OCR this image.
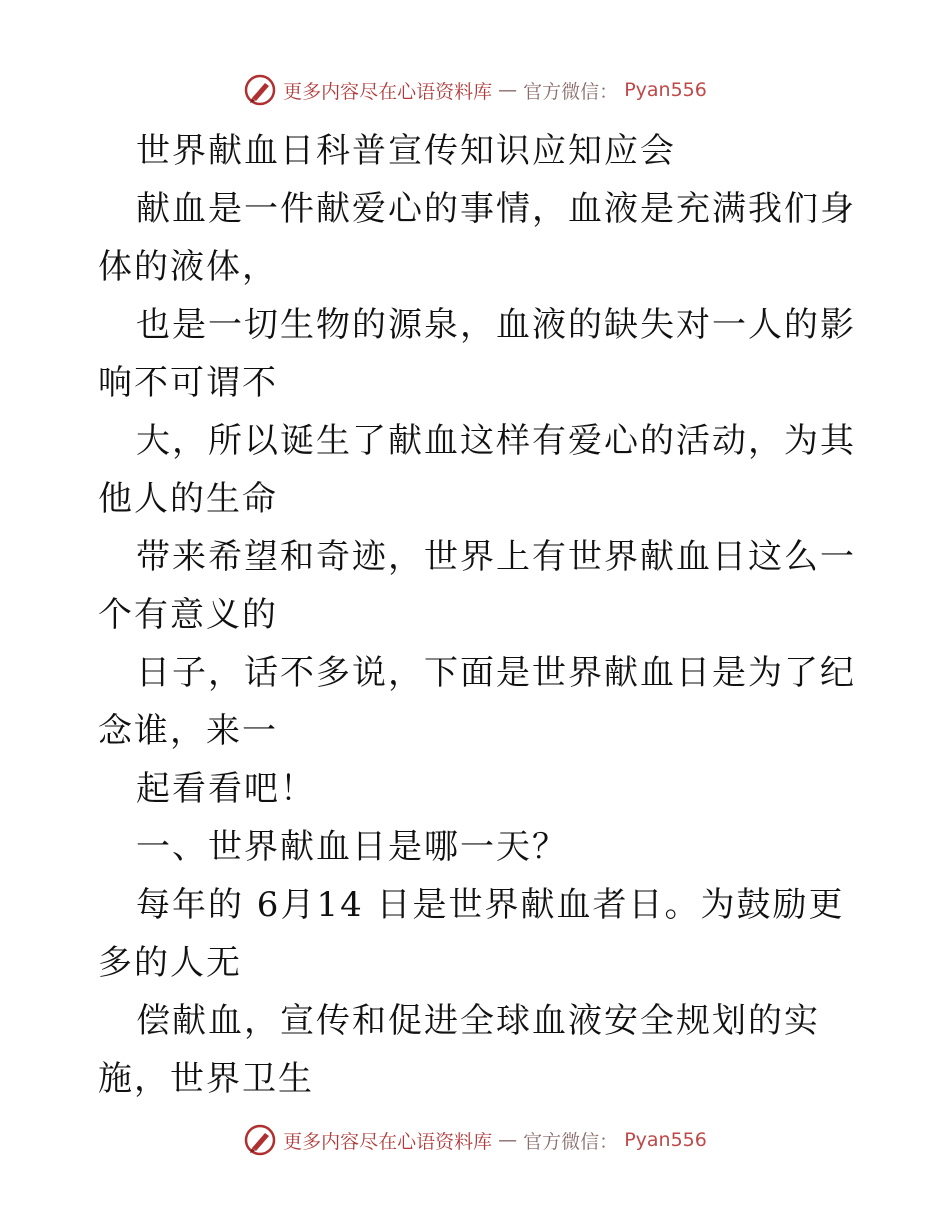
更多内容尽在心语资料库 — 官方微信： Pyan556

世界献血日科普宣传知识应知应会

献血是一件献爱心的事情，血液是充满我们身体的液体，

也是一切生物的源泉，血液的缺失对一人的影响不可谓不

大，所以诞生了献血这样有爱心的活动，为其他人的生命

带来希望和奇迹，世界上有世界献血日这么一个有意义的

日子，话不多说，下面是世界献血日是为了纪念谁，来一

起看看吧！

一、世界献血日是哪一天？

每年的 6月14 日是世界献血者日。为鼓励更多的人无

偿献血，宣传和促进全球血液安全规划的实施，世界卫生

更多内容尽在心语资料库 — 官方微信： Pyan556
